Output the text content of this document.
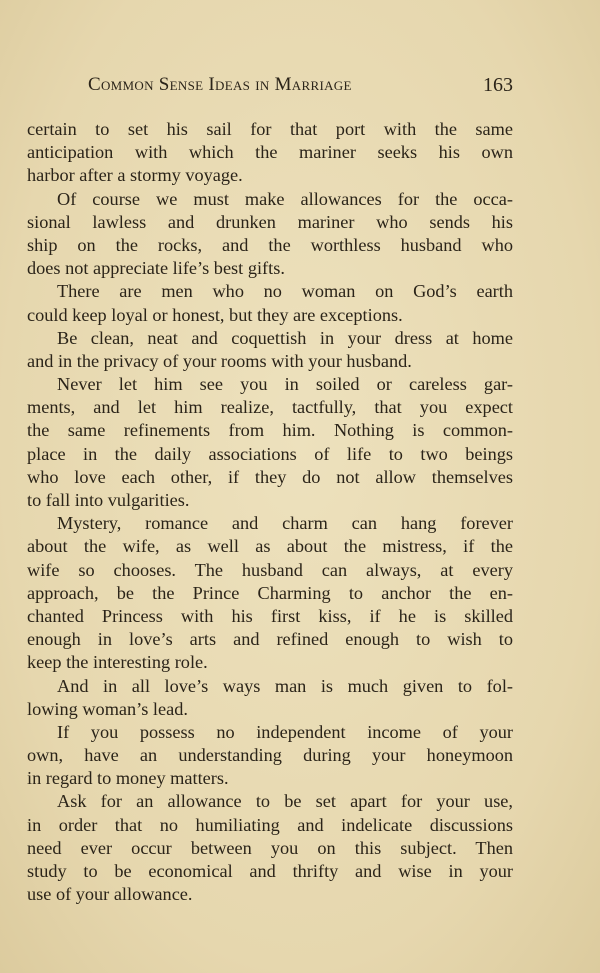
Common Sense Ideas in Marriage	163
certain to set his sail for that port with the same
anticipation with which the mariner seeks his own
harbor after a stormy voyage.
Of course we must make allowances for the occa-
sional lawless and drunken mariner who sends his
ship on the rocks, and the worthless husband who
does not appreciate life’s best gifts.
There are men who no woman on God’s earth
could keep loyal or honest, but they are exceptions.
Be clean, neat and coquettish in your dress at home
and in the privacy of your rooms with your husband.
Never let him see you in soiled or careless gar-
ments, and let him realize, tactfully, that you expect
the same refinements from him. Nothing is common-
place in the daily associations of life to two beings
who love each other, if they do not allow themselves
to fall into vulgarities.
Mystery, romance and charm can hang forever
about the wife, as well as about the mistress, if the
wife so chooses. The husband can always, at every
approach, be the Prince Charming to anchor the en-
chanted Princess with his first kiss, if he is skilled
enough in love’s arts and refined enough to wish to
keep the interesting role.
And in all love’s ways man is much given to fol-
lowing woman’s lead.
If you possess no independent income of your
own, have an understanding during your honeymoon
in regard to money matters.
Ask for an allowance to be set apart for your use,
in order that no humiliating and indelicate discussions
need ever occur between you on this subject. Then
study to be economical and thrifty and wise in your
use of your allowance.
